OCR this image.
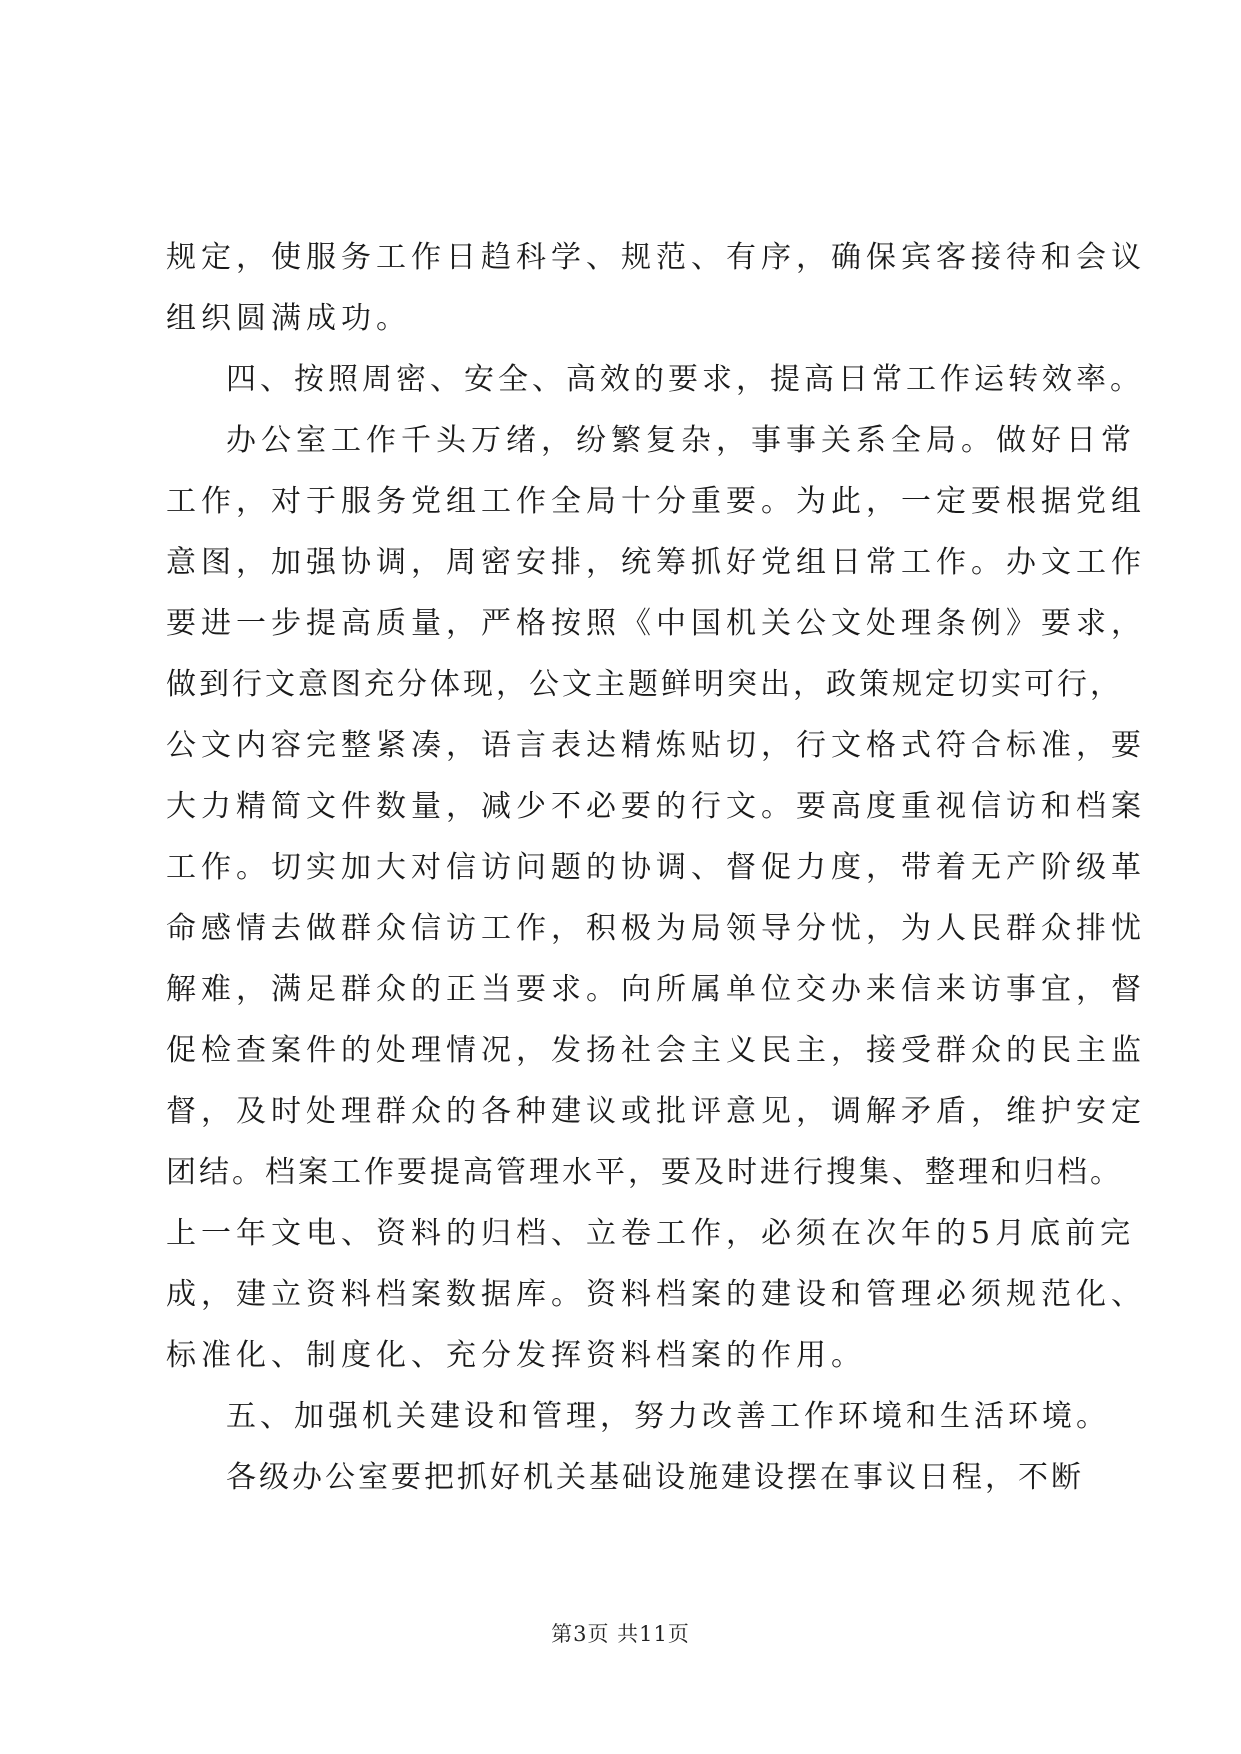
规定，使服务工作日趋科学、规范、有序，确保宾客接待和会议
组织圆满成功。
四、按照周密、安全、高效的要求，提高日常工作运转效率。
办公室工作千头万绪，纷繁复杂，事事关系全局。做好日常
工作，对于服务党组工作全局十分重要。为此，一定要根据党组
意图，加强协调，周密安排，统筹抓好党组日常工作。办文工作
要进一步提高质量，严格按照《中国机关公文处理条例》要求，
做到行文意图充分体现，公文主题鲜明突出，政策规定切实可行，
公文内容完整紧凑，语言表达精炼贴切，行文格式符合标准，要
大力精简文件数量，减少不必要的行文。要高度重视信访和档案
工作。切实加大对信访问题的协调、督促力度，带着无产阶级革
命感情去做群众信访工作，积极为局领导分忧，为人民群众排忧
解难，满足群众的正当要求。向所属单位交办来信来访事宜，督
促检查案件的处理情况，发扬社会主义民主，接受群众的民主监
督，及时处理群众的各种建议或批评意见，调解矛盾，维护安定
团结。档案工作要提高管理水平，要及时进行搜集、整理和归档。
上一年文电、资料的归档、立卷工作，必须在次年的5月底前完
成，建立资料档案数据库。资料档案的建设和管理必须规范化、
标准化、制度化、充分发挥资料档案的作用。
五、加强机关建设和管理，努力改善工作环境和生活环境。
各级办公室要把抓好机关基础设施建设摆在事议日程，不断
第3页 共11页
